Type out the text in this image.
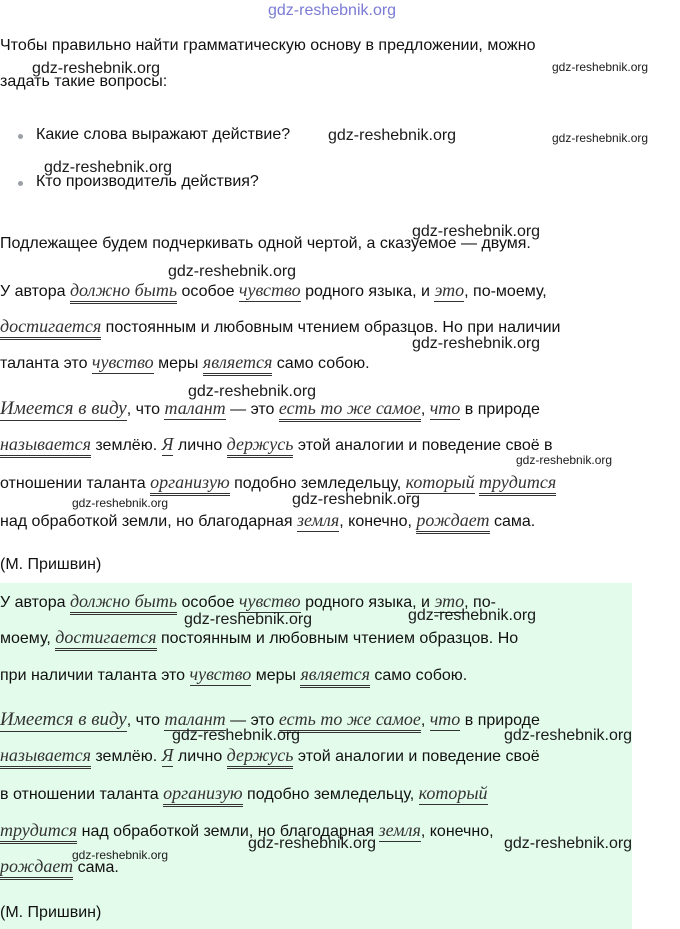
gdz-reshebnik.org
gdz-reshebnik.org	gdz-reshebnik.org
gdz-reshebnik.org	gdz-reshebnik.org
gdz-reshebnik.org
gdz-reshebnik.org
gdz-reshebnik.org
gdz-reshebnik.org
gdz-reshebnik.org
gdz-reshebnik.org
gdz-reshebnik.org	gdz-reshebnik.org
Чтобы правильно найти грамматическую основу в предложении, можно
задать такие вопросы:
Какие слова выражают действие?
Кто производитель действия?
Подлежащее будем подчеркивать одной чертой, а сказуемое — двумя.
У автора должно быть особое чувство родного языка, и это, по-моему,
достигается постоянным и любовным чтением образцов. Но при наличии
таланта это чувство меры является само собою.
Имеется в виду, что талант — это есть то же самое, что в природе
называется землёю. Я лично держусь этой аналогии и поведение своё в
отношении таланта организую подобно земледельцу, который трудится
над обработкой земли, но благодарная земля, конечно, рождает сама.
(М. Пришвин)
У автора должно быть особое чувство родного языка, и это, по-
моему, достигается постоянным и любовным чтением образцов. Но
при наличии таланта это чувство меры является само собою.
Имеется в виду, что талант — это есть то же самое, что в природе
называется землёю. Я лично держусь этой аналогии и поведение своё
в отношении таланта организую подобно земледельцу, который
трудится над обработкой земли, но благодарная земля, конечно,
рождает сама.
(М. Пришвин)
gdz-reshebnik.org	gdz-reshebnik.org
gdz-reshebnik.org	gdz-reshebnik.org
gdz-reshebnik.org	gdz-reshebnik.org
gdz-reshebnik.org
